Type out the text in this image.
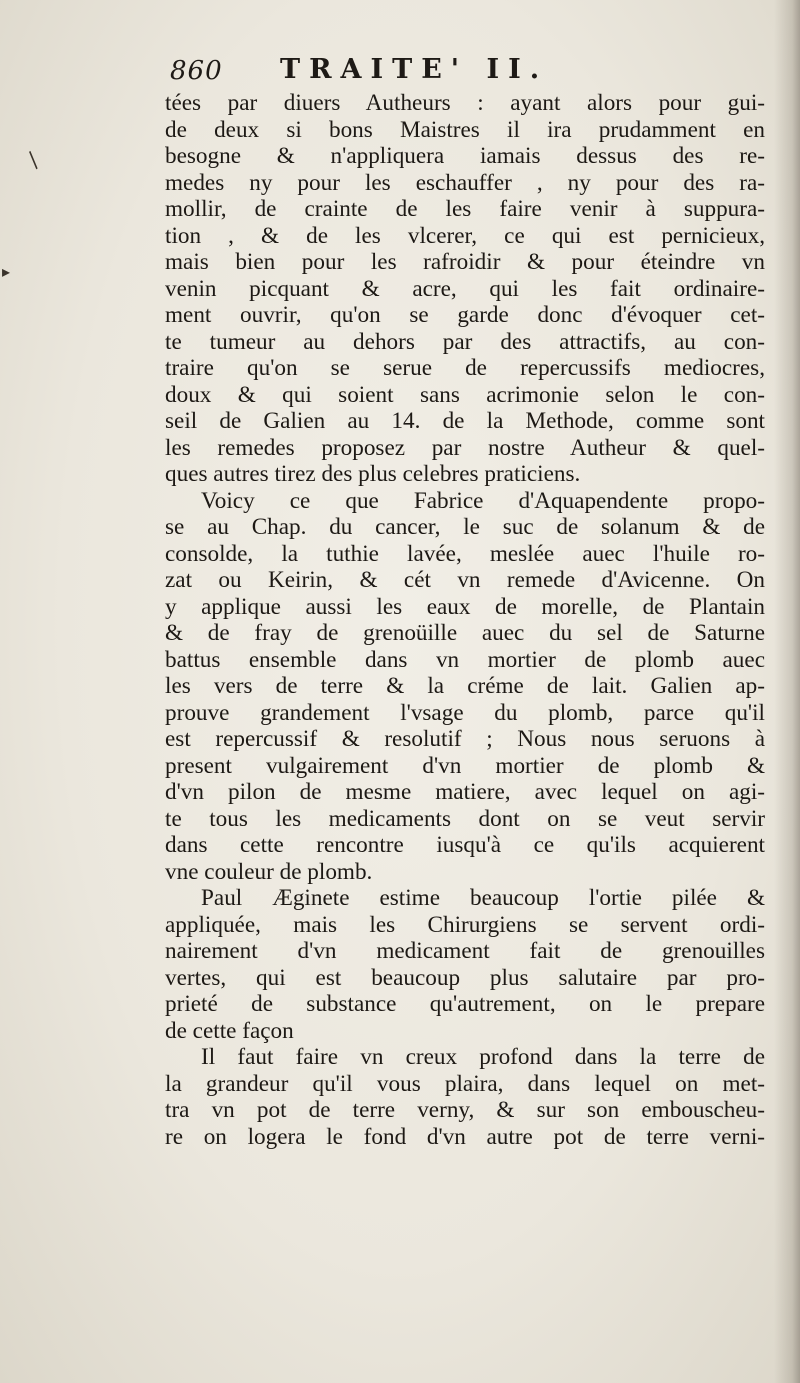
860 TRAITE' II.
/
▸
tées par diuers Autheurs : ayant alors pour gui-
de deux si bons Maistres il ira prudamment en
besogne & n'appliquera iamais dessus des re-
medes ny pour les eschauffer , ny pour des ra-
mollir, de crainte de les faire venir à suppura-
tion , & de les vlcerer, ce qui est pernicieux,
mais bien pour les rafroidir & pour éteindre vn
venin picquant & acre, qui les fait ordinaire-
ment ouvrir, qu'on se garde donc d'évoquer cet-
te tumeur au dehors par des attractifs, au con-
traire qu'on se serue de repercussifs mediocres,
doux & qui soient sans acrimonie selon le con-
seil de Galien au 14. de la Methode, comme sont
les remedes proposez par nostre Autheur & quel-
ques autres tirez des plus celebres praticiens.
Voicy ce que Fabrice d'Aquapendente propo-
se au Chap. du cancer, le suc de solanum & de
consolde, la tuthie lavée, meslée auec l'huile ro-
zat ou Keirin, & cét vn remede d'Avicenne. On
y applique aussi les eaux de morelle, de Plantain
& de fray de grenoüille auec du sel de Saturne
battus ensemble dans vn mortier de plomb auec
les vers de terre & la créme de lait. Galien ap-
prouve grandement l'vsage du plomb, parce qu'il
est repercussif & resolutif ; Nous nous seruons à
present vulgairement d'vn mortier de plomb &
d'vn pilon de mesme matiere, avec lequel on agi-
te tous les medicaments dont on se veut servir
dans cette rencontre iusqu'à ce qu'ils acquierent
vne couleur de plomb.
Paul Æginete estime beaucoup l'ortie pilée &
appliquée, mais les Chirurgiens se servent ordi-
nairement d'vn medicament fait de grenouilles
vertes, qui est beaucoup plus salutaire par pro-
prieté de substance qu'autrement, on le prepare
de cette façon
Il faut faire vn creux profond dans la terre de
la grandeur qu'il vous plaira, dans lequel on met-
tra vn pot de terre verny, & sur son embouscheu-
re on logera le fond d'vn autre pot de terre verni-
